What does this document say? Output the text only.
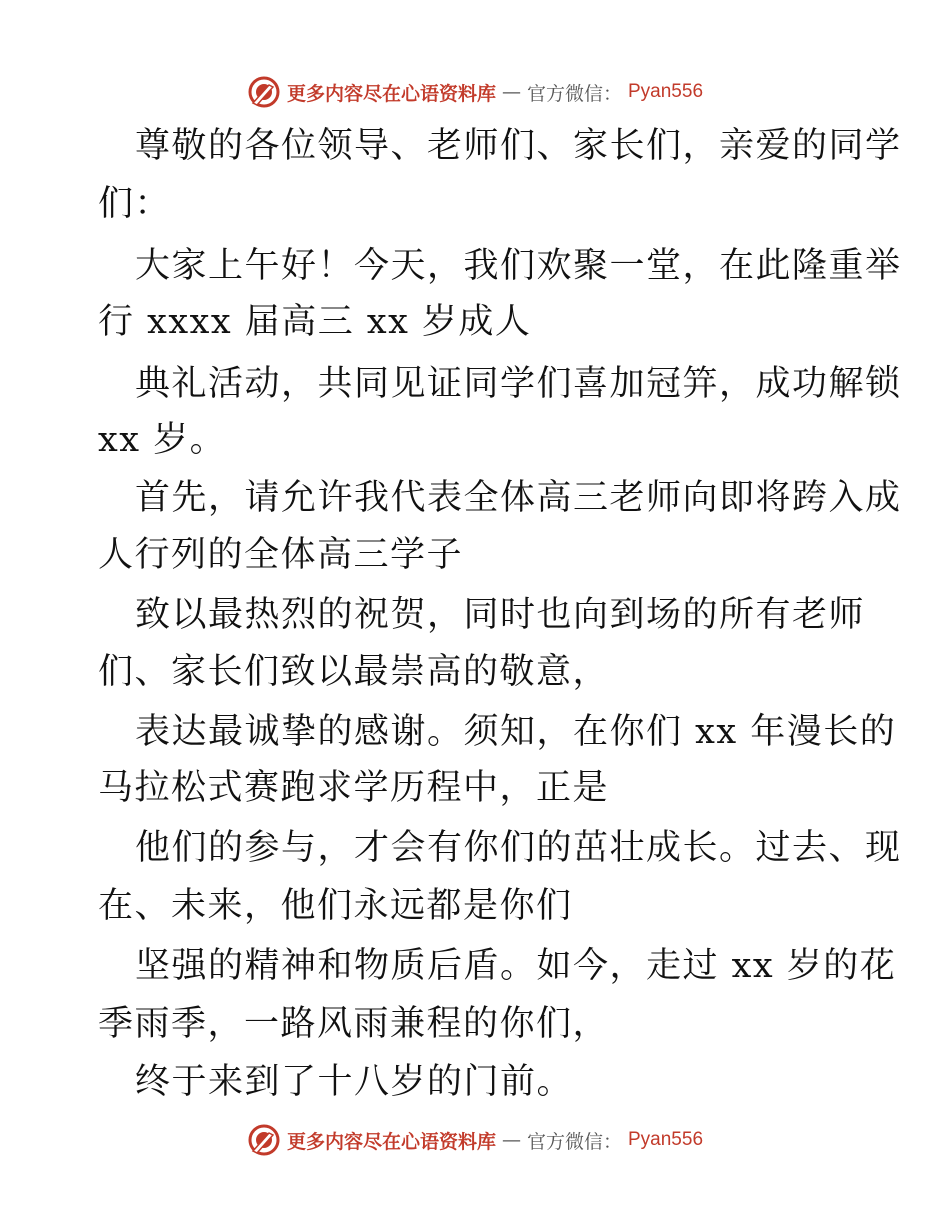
更多内容尽在心语资料库 — 官方微信： Pyan556
尊敬的各位领导、老师们、家长们，亲爱的同学
们：
大家上午好！今天，我们欢聚一堂，在此隆重举
行 xxxx 届高三 xx 岁成人
典礼活动，共同见证同学们喜加冠笄，成功解锁
xx 岁。
首先，请允许我代表全体高三老师向即将跨入成
人行列的全体高三学子
致以最热烈的祝贺，同时也向到场的所有老师
们、家长们致以最崇高的敬意，
表达最诚挚的感谢。须知，在你们 xx 年漫长的
马拉松式赛跑求学历程中，正是
他们的参与，才会有你们的茁壮成长。过去、现
在、未来，他们永远都是你们
坚强的精神和物质后盾。如今，走过 xx 岁的花
季雨季，一路风雨兼程的你们，
终于来到了十八岁的门前。
更多内容尽在心语资料库 — 官方微信： Pyan556
